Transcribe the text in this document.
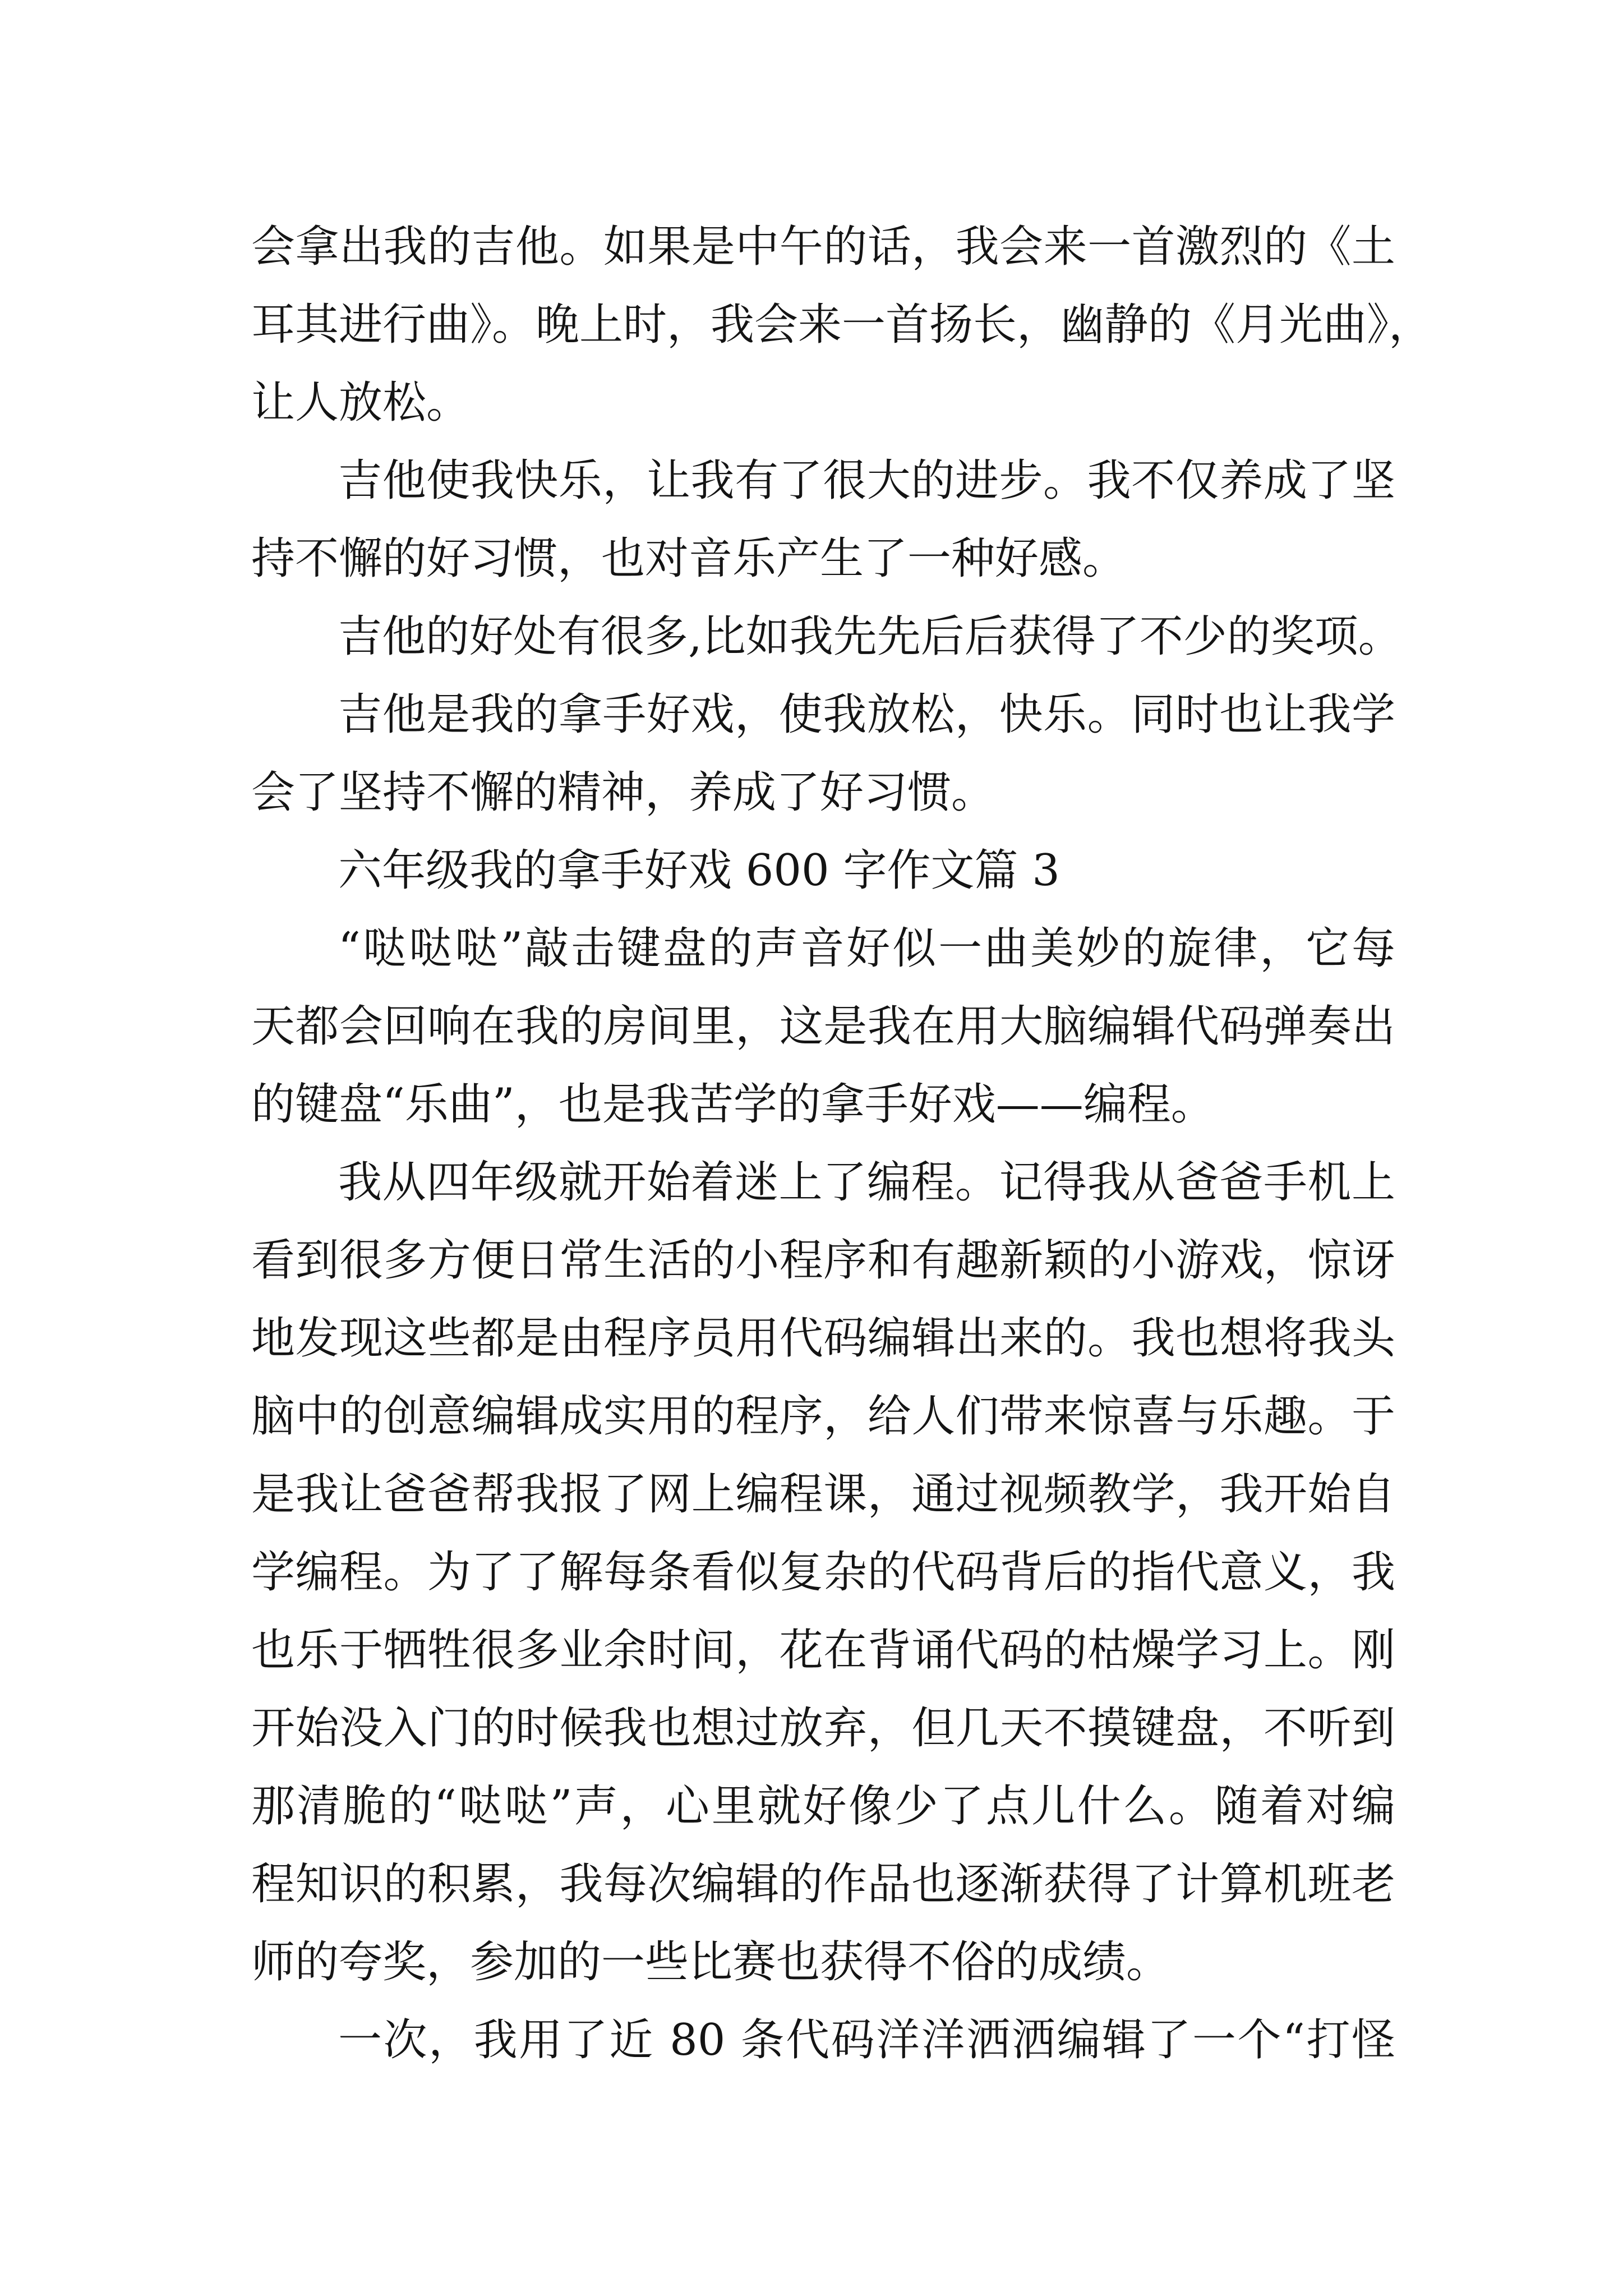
会拿出我的吉他。如果是中午的话，我会来一首激烈的《土

耳其进行曲》。晚上时，我会来一首扬长，幽静的《月光曲》，

让人放松。

吉他使我快乐，让我有了很大的进步。我不仅养成了坚

持不懈的好习惯，也对音乐产生了一种好感。

吉他的好处有很多,比如我先先后后获得了不少的奖项。

吉他是我的拿手好戏，使我放松，快乐。同时也让我学

会了坚持不懈的精神，养成了好习惯。

六年级我的拿手好戏 600 字作文篇 3

“哒哒哒”敲击键盘的声音好似一曲美妙的旋律，它每

天都会回响在我的房间里，这是我在用大脑编辑代码弹奏出

的键盘“乐曲”，也是我苦学的拿手好戏——编程。

我从四年级就开始着迷上了编程。记得我从爸爸手机上

看到很多方便日常生活的小程序和有趣新颖的小游戏，惊讶

地发现这些都是由程序员用代码编辑出来的。我也想将我头

脑中的创意编辑成实用的程序，给人们带来惊喜与乐趣。于

是我让爸爸帮我报了网上编程课，通过视频教学，我开始自

学编程。为了了解每条看似复杂的代码背后的指代意义，我

也乐于牺牲很多业余时间，花在背诵代码的枯燥学习上。刚

开始没入门的时候我也想过放弃，但几天不摸键盘，不听到

那清脆的“哒哒”声，心里就好像少了点儿什么。随着对编

程知识的积累，我每次编辑的作品也逐渐获得了计算机班老

师的夸奖，参加的一些比赛也获得不俗的成绩。

一次，我用了近 80 条代码洋洋洒洒编辑了一个“打怪
